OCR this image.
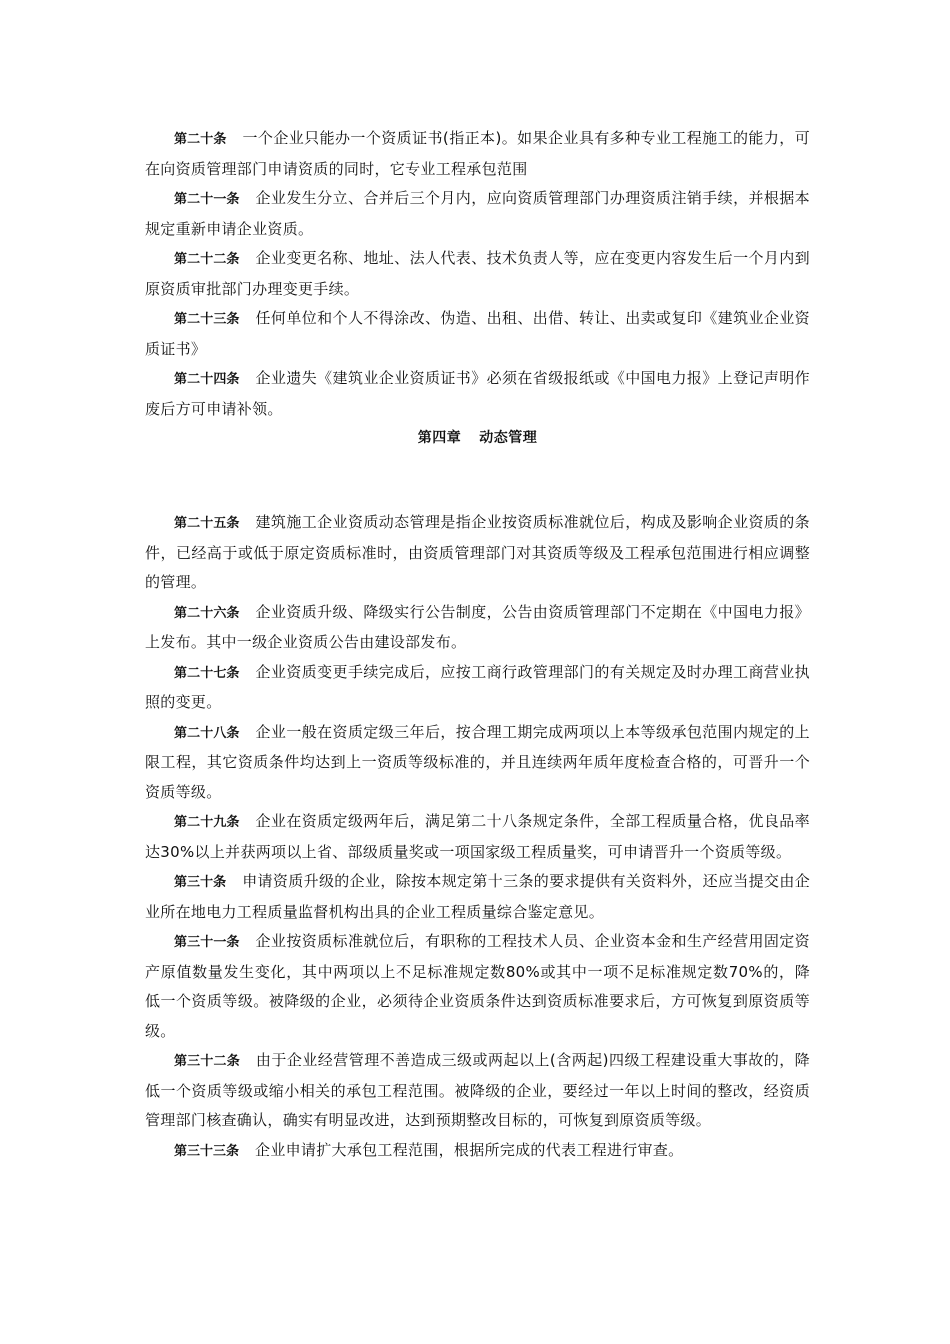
第二十条 一个企业只能办一个资质证书(指正本)。如果企业具有多种专业工程施工的能力，可在向资质管理部门申请资质的同时，它专业工程承包范围

第二十一条 企业发生分立、合并后三个月内，应向资质管理部门办理资质注销手续，并根据本规定重新申请企业资质。

第二十二条 企业变更名称、地址、法人代表、技术负责人等，应在变更内容发生后一个月内到原资质审批部门办理变更手续。

第二十三条 任何单位和个人不得涂改、伪造、出租、出借、转让、出卖或复印《建筑业企业资质证书》

第二十四条 企业遗失《建筑业企业资质证书》必须在省级报纸或《中国电力报》上登记声明作废后方可申请补领。

第四章 动态管理

第二十五条 建筑施工企业资质动态管理是指企业按资质标准就位后，构成及影响企业资质的条件，已经高于或低于原定资质标准时，由资质管理部门对其资质等级及工程承包范围进行相应调整的管理。

第二十六条 企业资质升级、降级实行公告制度，公告由资质管理部门不定期在《中国电力报》上发布。其中一级企业资质公告由建设部发布。

第二十七条 企业资质变更手续完成后，应按工商行政管理部门的有关规定及时办理工商营业执照的变更。

第二十八条 企业一般在资质定级三年后，按合理工期完成两项以上本等级承包范围内规定的上限工程，其它资质条件均达到上一资质等级标准的，并且连续两年质年度检查合格的，可晋升一个资质等级。

第二十九条 企业在资质定级两年后，满足第二十八条规定条件，全部工程质量合格，优良品率达30%以上并获两项以上省、部级质量奖或一项国家级工程质量奖，可申请晋升一个资质等级。

第三十条 申请资质升级的企业，除按本规定第十三条的要求提供有关资料外，还应当提交由企业所在地电力工程质量监督机构出具的企业工程质量综合鉴定意见。

第三十一条 企业按资质标准就位后，有职称的工程技术人员、企业资本金和生产经营用固定资产原值数量发生变化，其中两项以上不足标准规定数80%或其中一项不足标准规定数70%的，降低一个资质等级。被降级的企业，必须待企业资质条件达到资质标准要求后，方可恢复到原资质等级。

第三十二条 由于企业经营管理不善造成三级或两起以上(含两起)四级工程建设重大事故的，降低一个资质等级或缩小相关的承包工程范围。被降级的企业，要经过一年以上时间的整改，经资质管理部门核查确认，确实有明显改进，达到预期整改目标的，可恢复到原资质等级。

第三十三条 企业申请扩大承包工程范围，根据所完成的代表工程进行审查。
